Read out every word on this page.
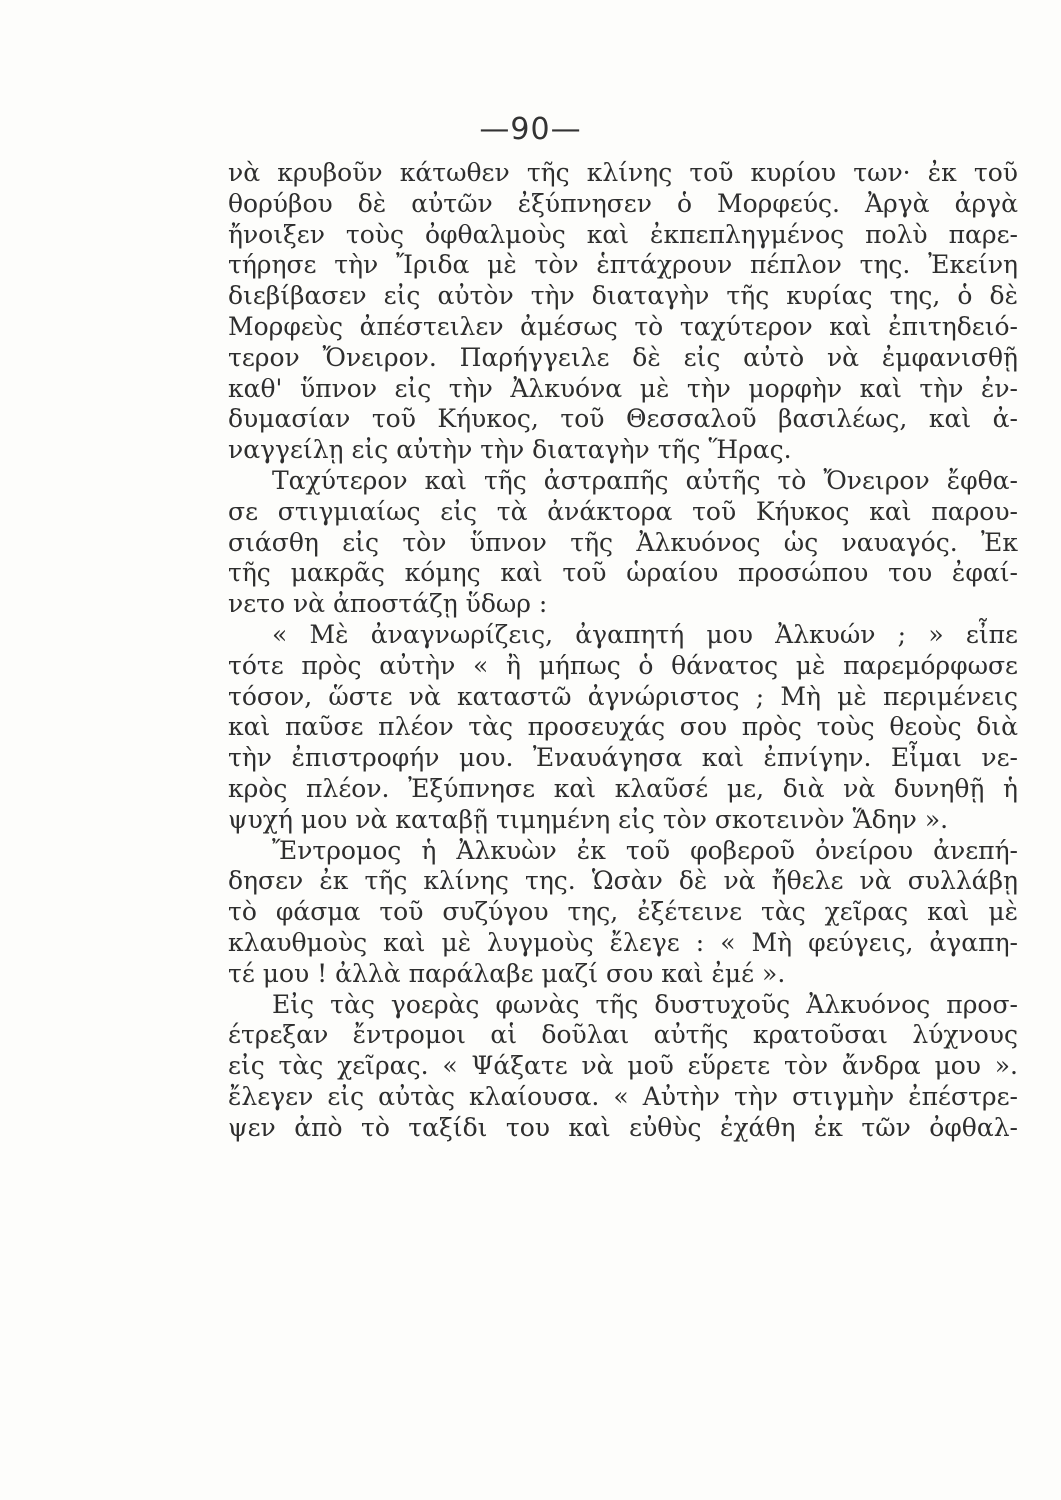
—90—
νὰ κρυβοῦν κάτωθεν τῆς κλίνης τοῦ κυρίου των· ἐκ τοῦ
θορύβου δὲ αὐτῶν ἐξύπνησεν ὁ Μορφεύς. Ἀργὰ ἀργὰ
ἤνοιξεν τοὺς ὀφθαλμοὺς καὶ ἐκπεπληγμένος πολὺ παρε-
τήρησε τὴν Ἴριδα μὲ τὸν ἑπτάχρουν πέπλον της. Ἐκείνη
διεβίβασεν εἰς αὐτὸν τὴν διαταγὴν τῆς κυρίας της, ὁ δὲ
Μορφεὺς ἀπέστειλεν ἀμέσως τὸ ταχύτερον καὶ ἐπιτηδειό-
τερον Ὄνειρον. Παρήγγειλε δὲ εἰς αὐτὸ νὰ ἐμφανισθῇ
καθ' ὕπνον εἰς τὴν Ἀλκυόνα μὲ τὴν μορφὴν καὶ τὴν ἐν-
δυμασίαν τοῦ Κήυκος, τοῦ Θεσσαλοῦ βασιλέως, καὶ ἀ-
ναγγείλῃ εἰς αὐτὴν τὴν διαταγὴν τῆς Ἥρας.
Ταχύτερον καὶ τῆς ἀστραπῆς αὐτῆς τὸ Ὄνειρον ἔφθα-
σε στιγμιαίως εἰς τὰ ἀνάκτορα τοῦ Κήυκος καὶ παρου-
σιάσθη εἰς τὸν ὕπνον τῆς Ἀλκυόνος ὡς ναυαγός. Ἐκ
τῆς μακρᾶς κόμης καὶ τοῦ ὡραίου προσώπου του ἐφαί-
νετο νὰ ἀποστάζῃ ὕδωρ :
« Μὲ ἀναγνωρίζεις, ἀγαπητή μου Ἀλκυών ; » εἶπε
τότε πρὸς αὐτὴν « ἢ μήπως ὁ θάνατος μὲ παρεμόρφωσε
τόσον, ὥστε νὰ καταστῶ ἀγνώριστος ; Μὴ μὲ περιμένεις
καὶ παῦσε πλέον τὰς προσευχάς σου πρὸς τοὺς θεοὺς διὰ
τὴν ἐπιστροφήν μου. Ἐναυάγησα καὶ ἐπνίγην. Εἶμαι νε-
κρὸς πλέον. Ἐξύπνησε καὶ κλαῦσέ με, διὰ νὰ δυνηθῇ ἡ
ψυχή μου νὰ καταβῇ τιμημένη εἰς τὸν σκοτεινὸν Ἅδην ».
Ἔντρομος ἡ Ἀλκυὼν ἐκ τοῦ φοβεροῦ ὀνείρου ἀνεπή-
δησεν ἐκ τῆς κλίνης της. Ὡσὰν δὲ νὰ ἤθελε νὰ συλλάβῃ
τὸ φάσμα τοῦ συζύγου της, ἐξέτεινε τὰς χεῖρας καὶ μὲ
κλαυθμοὺς καὶ μὲ λυγμοὺς ἔλεγε : « Μὴ φεύγεις, ἀγαπη-
τέ μου ! ἀλλὰ παράλαβε μαζί σου καὶ ἐμέ ».
Εἰς τὰς γοερὰς φωνὰς τῆς δυστυχοῦς Ἀλκυόνος προσ-
έτρεξαν ἔντρομοι αἱ δοῦλαι αὐτῆς κρατοῦσαι λύχνους
εἰς τὰς χεῖρας. « Ψάξατε νὰ μοῦ εὕρετε τὸν ἄνδρα μου ».
ἔλεγεν εἰς αὐτὰς κλαίουσα. « Αὐτὴν τὴν στιγμὴν ἐπέστρε-
ψεν ἀπὸ τὸ ταξίδι του καὶ εὐθὺς ἐχάθη ἐκ τῶν ὀφθαλ-
